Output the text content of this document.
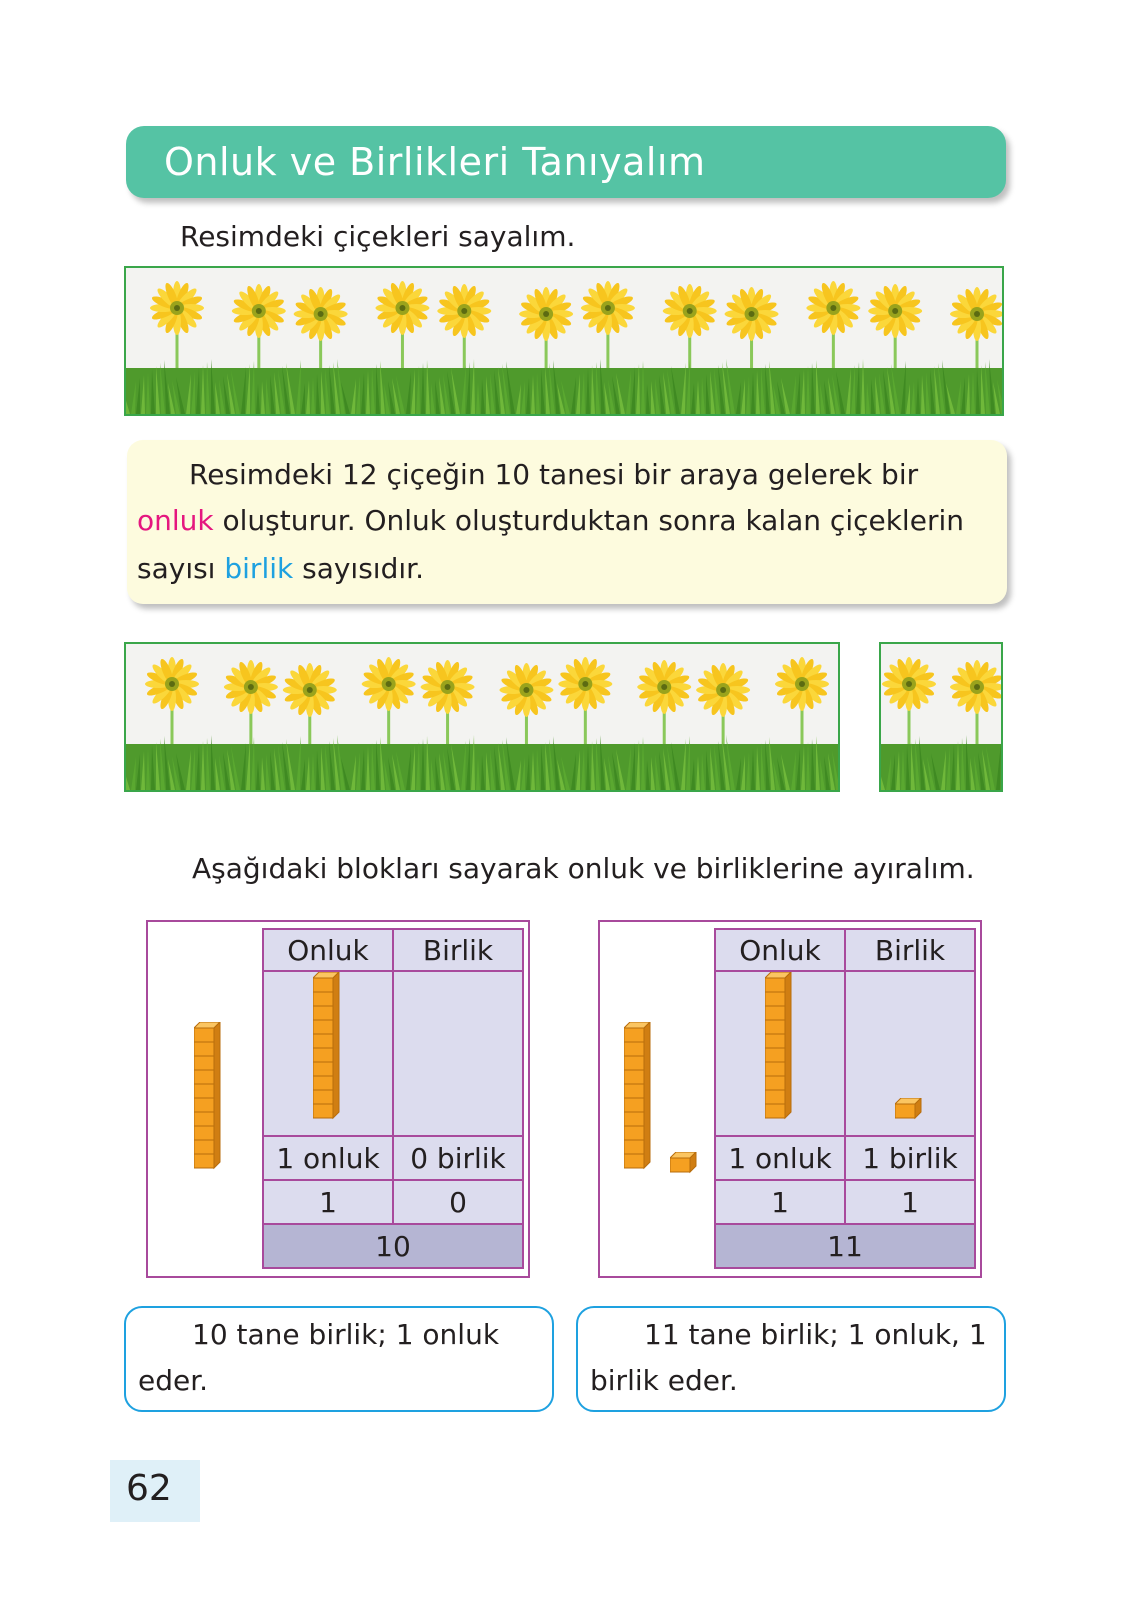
Onluk ve Birlikleri Tanıyalım
Resimdeki çiçekleri sayalım.
Resimdeki 12 çiçeğin 10 tanesi bir araya gelerek bir
onluk oluşturur. Onluk oluşturduktan sonra kalan çiçeklerin
sayısı birlik sayısıdır.
Aşağıdaki blokları sayarak onluk ve birliklerine ayıralım.
Onluk	Birlik

1 onluk	0 birlik
1	0
10	
Onluk	Birlik

1 onluk	1 birlik
1	1
11	
10 tane birlik; 1 onluk
eder.
11 tane birlik; 1 onluk, 1
birlik eder.
62
